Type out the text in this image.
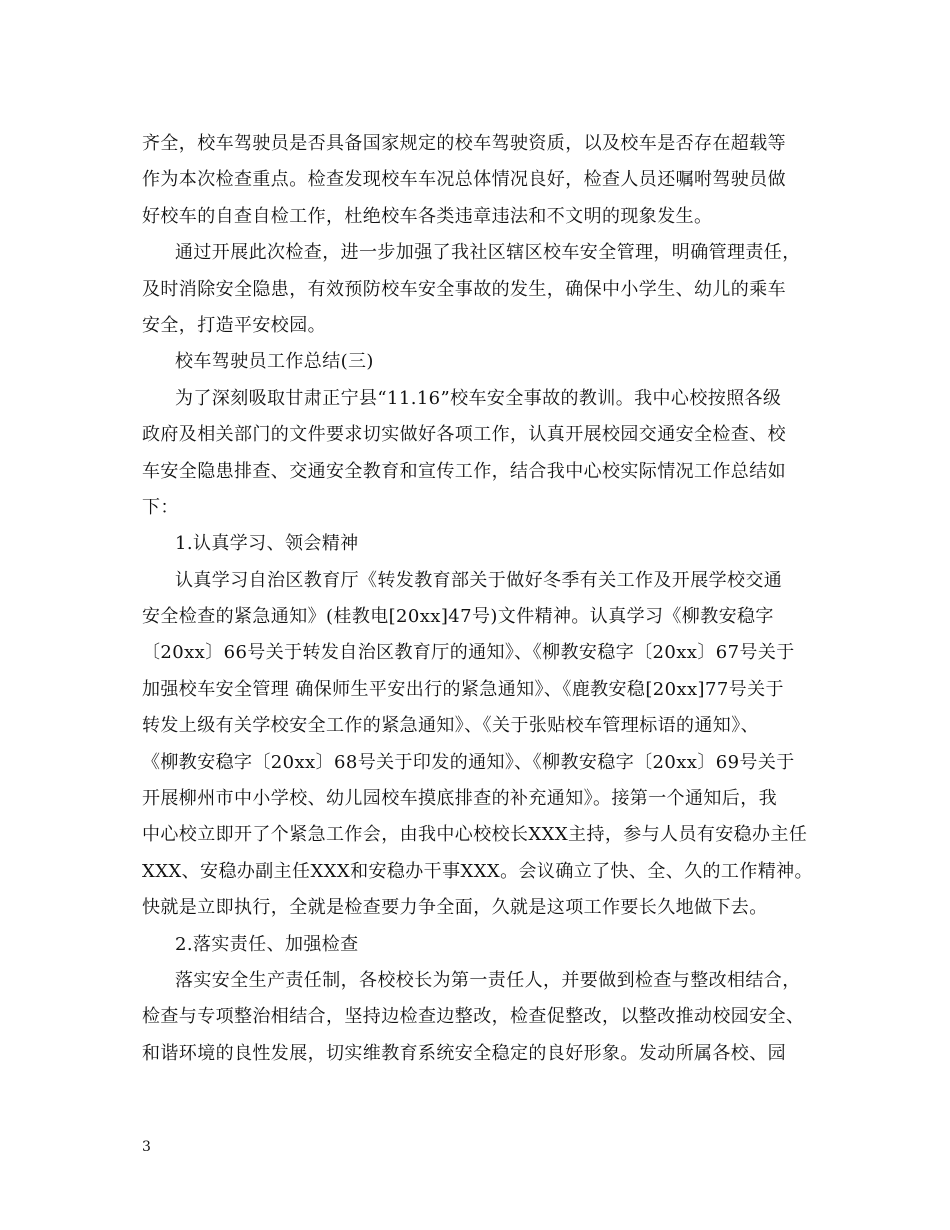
齐全，校车驾驶员是否具备国家规定的校车驾驶资质，以及校车是否存在超载等
作为本次检查重点。检查发现校车车况总体情况良好，检查人员还嘱咐驾驶员做
好校车的自查自检工作，杜绝校车各类违章违法和不文明的现象发生。
通过开展此次检查，进一步加强了我社区辖区校车安全管理，明确管理责任，
及时消除安全隐患，有效预防校车安全事故的发生，确保中小学生、幼儿的乘车
安全，打造平安校园。
校车驾驶员工作总结(三)
为了深刻吸取甘肃正宁县“11.16”校车安全事故的教训。我中心校按照各级
政府及相关部门的文件要求切实做好各项工作，认真开展校园交通安全检查、校
车安全隐患排查、交通安全教育和宣传工作，结合我中心校实际情况工作总结如
下：
1.认真学习、领会精神
认真学习自治区教育厅《转发教育部关于做好冬季有关工作及开展学校交通
安全检查的紧急通知》(桂教电[20xx]47号)文件精神。认真学习《柳教安稳字
〔20xx〕66号关于转发自治区教育厅的通知》、《柳教安稳字〔20xx〕67号关于
加强校车安全管理 确保师生平安出行的紧急通知》、《鹿教安稳[20xx]77号关于
转发上级有关学校安全工作的紧急通知》、《关于张贴校车管理标语的通知》、
《柳教安稳字〔20xx〕68号关于印发的通知》、《柳教安稳字〔20xx〕69号关于
开展柳州市中小学校、幼儿园校车摸底排查的补充通知》。接第一个通知后，我
中心校立即开了个紧急工作会，由我中心校校长XXX主持，参与人员有安稳办主任
XXX、安稳办副主任XXX和安稳办干事XXX。会议确立了快、全、久的工作精神。
快就是立即执行，全就是检查要力争全面，久就是这项工作要长久地做下去。
2.落实责任、加强检查
落实安全生产责任制，各校校长为第一责任人，并要做到检查与整改相结合，
检查与专项整治相结合，坚持边检查边整改，检查促整改，以整改推动校园安全、
和谐环境的良性发展，切实维教育系统安全稳定的良好形象。发动所属各校、园
3
